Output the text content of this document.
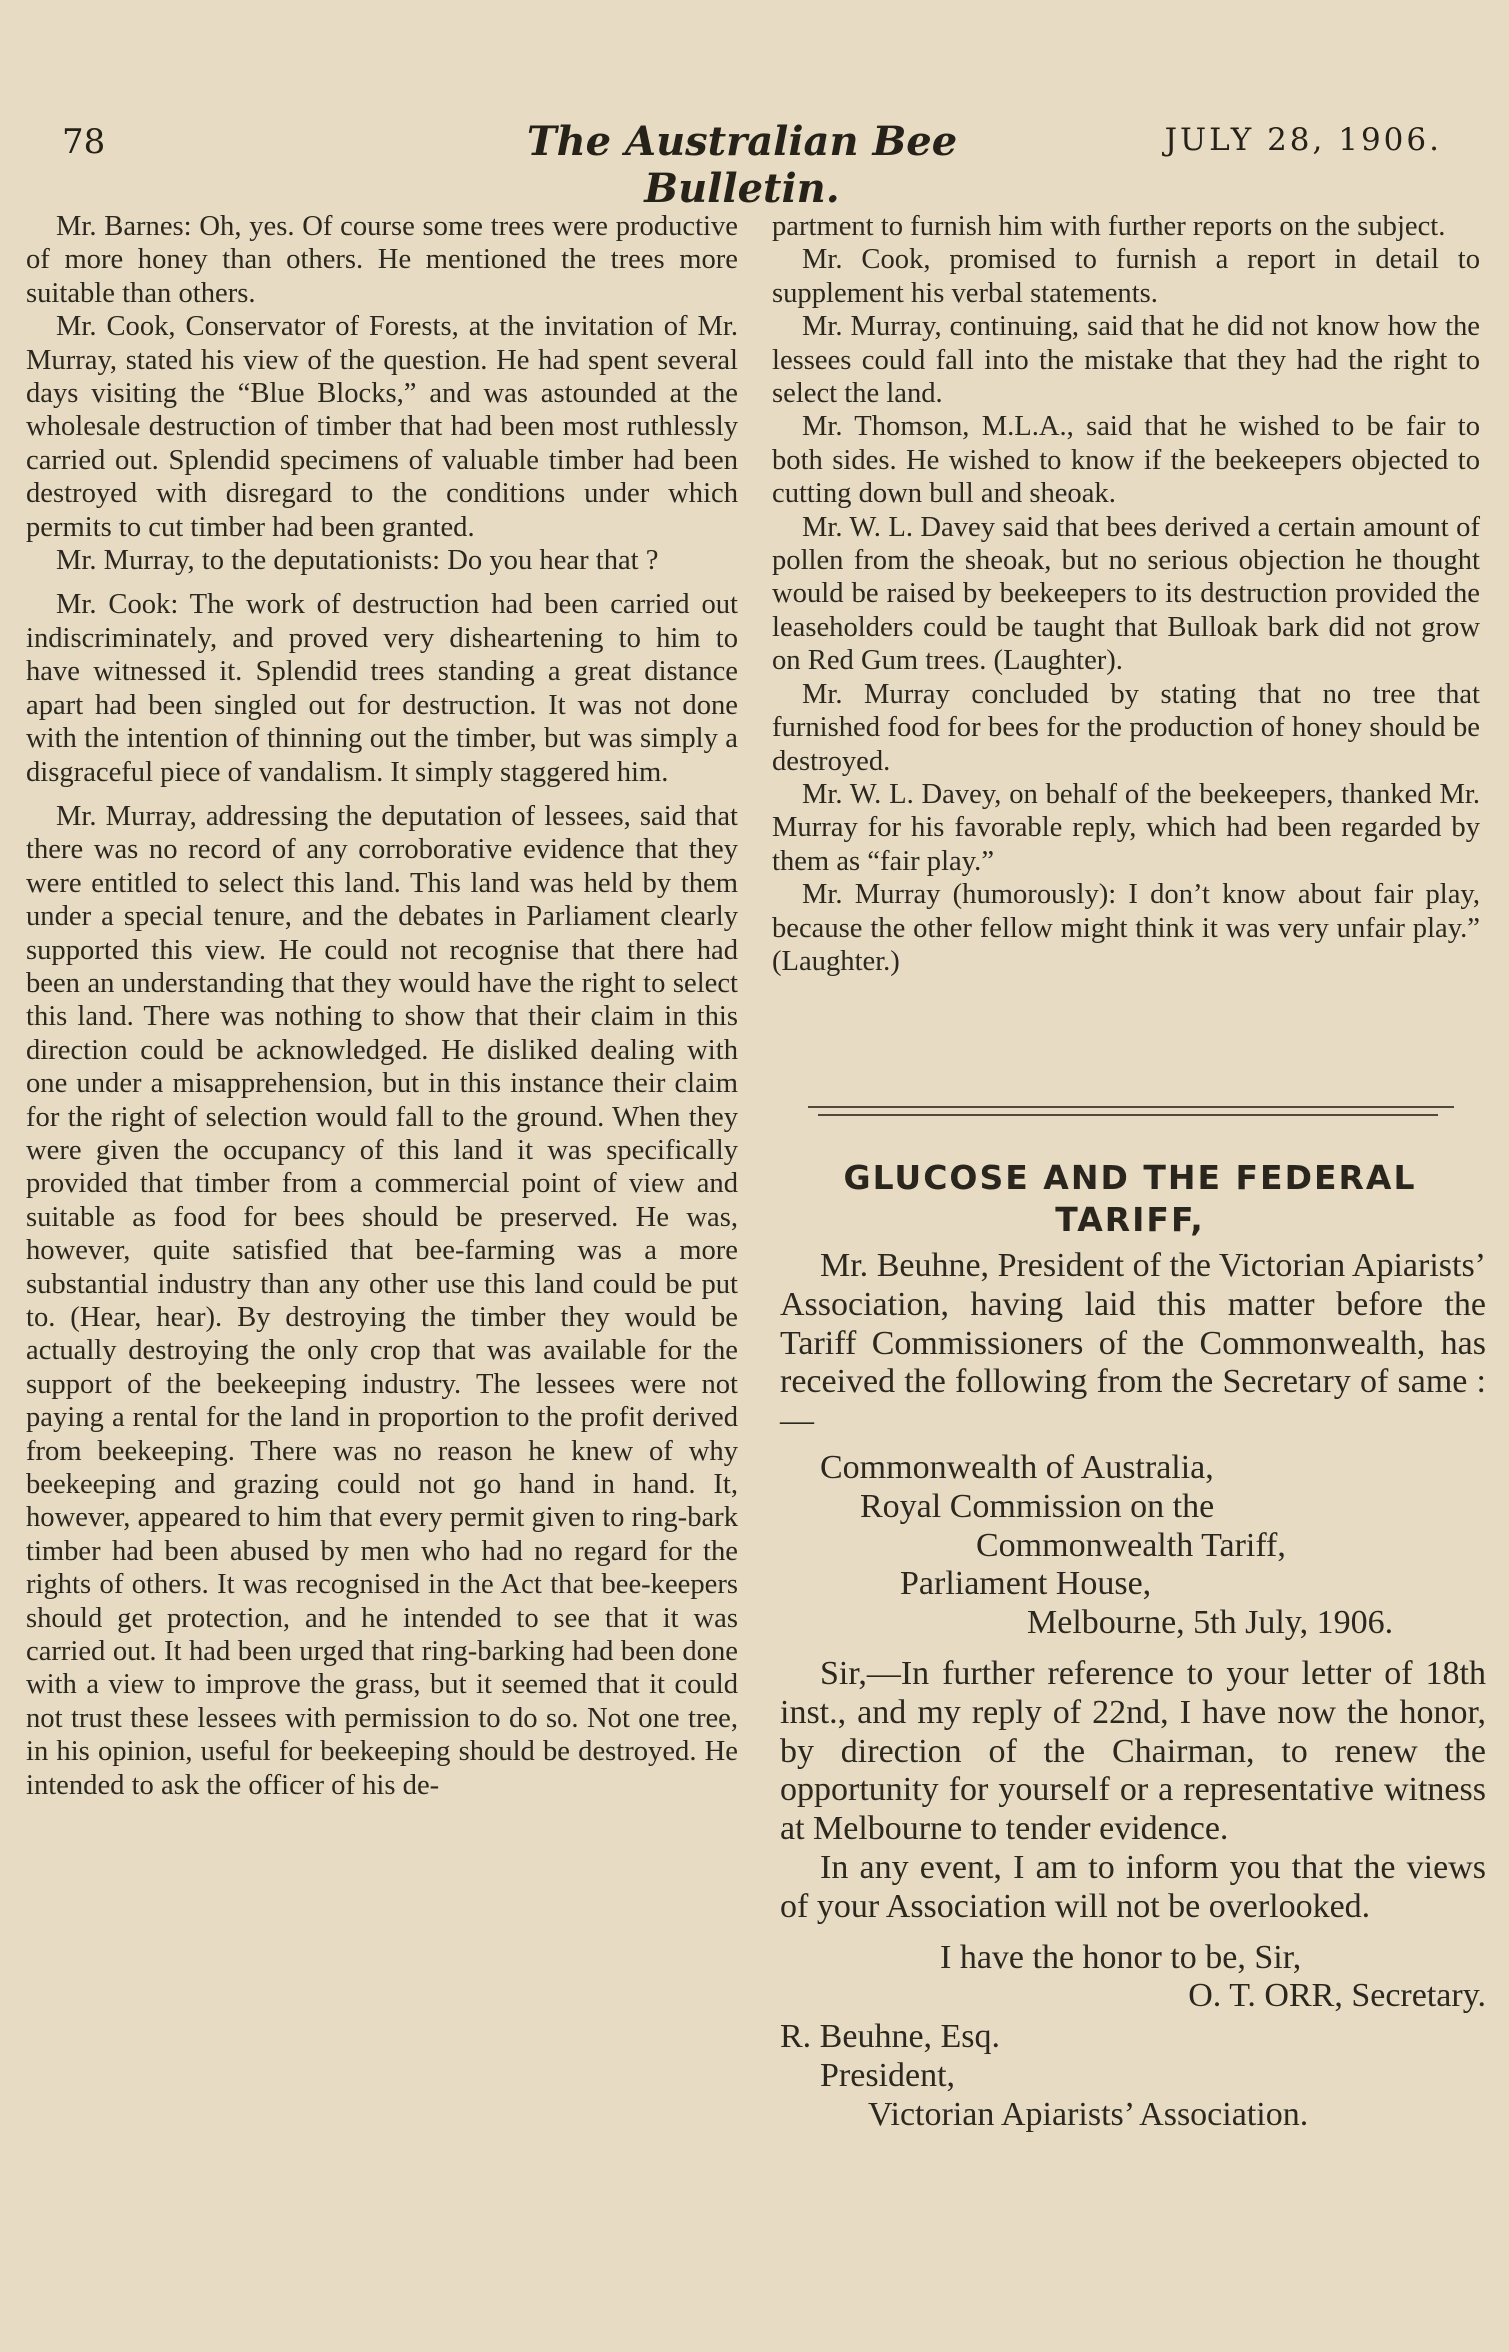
78	The Australian Bee Bulletin.
JULY 28, 1906.

Mr. Barnes: Oh, yes. Of course some trees were productive of more honey than others. He mentioned the trees more suitable than others.

Mr. Cook, Conservator of Forests, at the invitation of Mr. Murray, stated his view of the question. He had spent several days visiting the “Blue Blocks,” and was astounded at the wholesale destruction of timber that had been most ruthlessly carried out. Splendid specimens of valuable timber had been destroyed with disregard to the conditions under which permits to cut timber had been granted.

Mr. Murray, to the deputationists: Do you hear that ?

Mr. Cook: The work of destruction had been carried out indiscriminately, and proved very disheartening to him to have witnessed it. Splendid trees standing a great distance apart had been singled out for destruction. It was not done with the intention of thinning out the timber, but was simply a disgraceful piece of vandalism. It simply staggered him.

Mr. Murray, addressing the deputation of lessees, said that there was no record of any corroborative evidence that they were entitled to select this land. This land was held by them under a special tenure, and the debates in Parliament clearly supported this view. He could not recognise that there had been an understanding that they would have the right to select this land. There was nothing to show that their claim in this direction could be acknowledged. He disliked dealing with one under a misapprehension, but in this instance their claim for the right of selection would fall to the ground. When they were given the occupancy of this land it was specifically provided that timber from a commercial point of view and suitable as food for bees should be preserved. He was, however, quite satisfied that bee-farming was a more substantial industry than any other use this land could be put to. (Hear, hear). By destroying the timber they would be actually destroying the only crop that was available for the support of the beekeeping industry. The lessees were not paying a rental for the land in proportion to the profit derived from beekeeping. There was no reason he knew of why beekeeping and grazing could not go hand in hand. It, however, appeared to him that every permit given to ring-bark timber had been abused by men who had no regard for the rights of others. It was recognised in the Act that bee-keepers should get protection, and he intended to see that it was carried out. It had been urged that ring-barking had been done with a view to improve the grass, but it seemed that it could not trust these lessees with permission to do so. Not one tree, in his opinion, useful for beekeeping should be destroyed. He intended to ask the officer of his de-

partment to furnish him with further reports on the subject.

Mr. Cook, promised to furnish a report in detail to supplement his verbal statements.

Mr. Murray, continuing, said that he did not know how the lessees could fall into the mistake that they had the right to select the land.

Mr. Thomson, M.L.A., said that he wished to be fair to both sides. He wished to know if the beekeepers objected to cutting down bull and sheoak.

Mr. W. L. Davey said that bees derived a certain amount of pollen from the sheoak, but no serious objection he thought would be raised by beekeepers to its destruction provided the leaseholders could be taught that Bulloak bark did not grow on Red Gum trees. (Laughter).

Mr. Murray concluded by stating that no tree that furnished food for bees for the production of honey should be destroyed.

Mr. W. L. Davey, on behalf of the beekeepers, thanked Mr. Murray for his favorable reply, which had been regarded by them as “fair play.”

Mr. Murray (humorously): I don’t know about fair play, because the other fellow might think it was very unfair play.” (Laughter.)

GLUCOSE AND THE FEDERAL TARIFF,

Mr. Beuhne, President of the Victorian Apiarists’ Association, having laid this matter before the Tariff Commissioners of the Commonwealth, has received the following from the Secretary of same :—

Commonwealth of Australia,
Royal Commission on the
Commonwealth Tariff,
Parliament House,
Melbourne, 5th July, 1906.

Sir,—In further reference to your letter of 18th inst., and my reply of 22nd, I have now the honor, by direction of the Chairman, to renew the opportunity for yourself or a representative witness at Melbourne to tender evidence.

In any event, I am to inform you that the views of your Association will not be overlooked.

I have the honor to be, Sir,
O. T. ORR, Secretary.
R. Beuhne, Esq.
President,
Victorian Apiarists’ Association.
